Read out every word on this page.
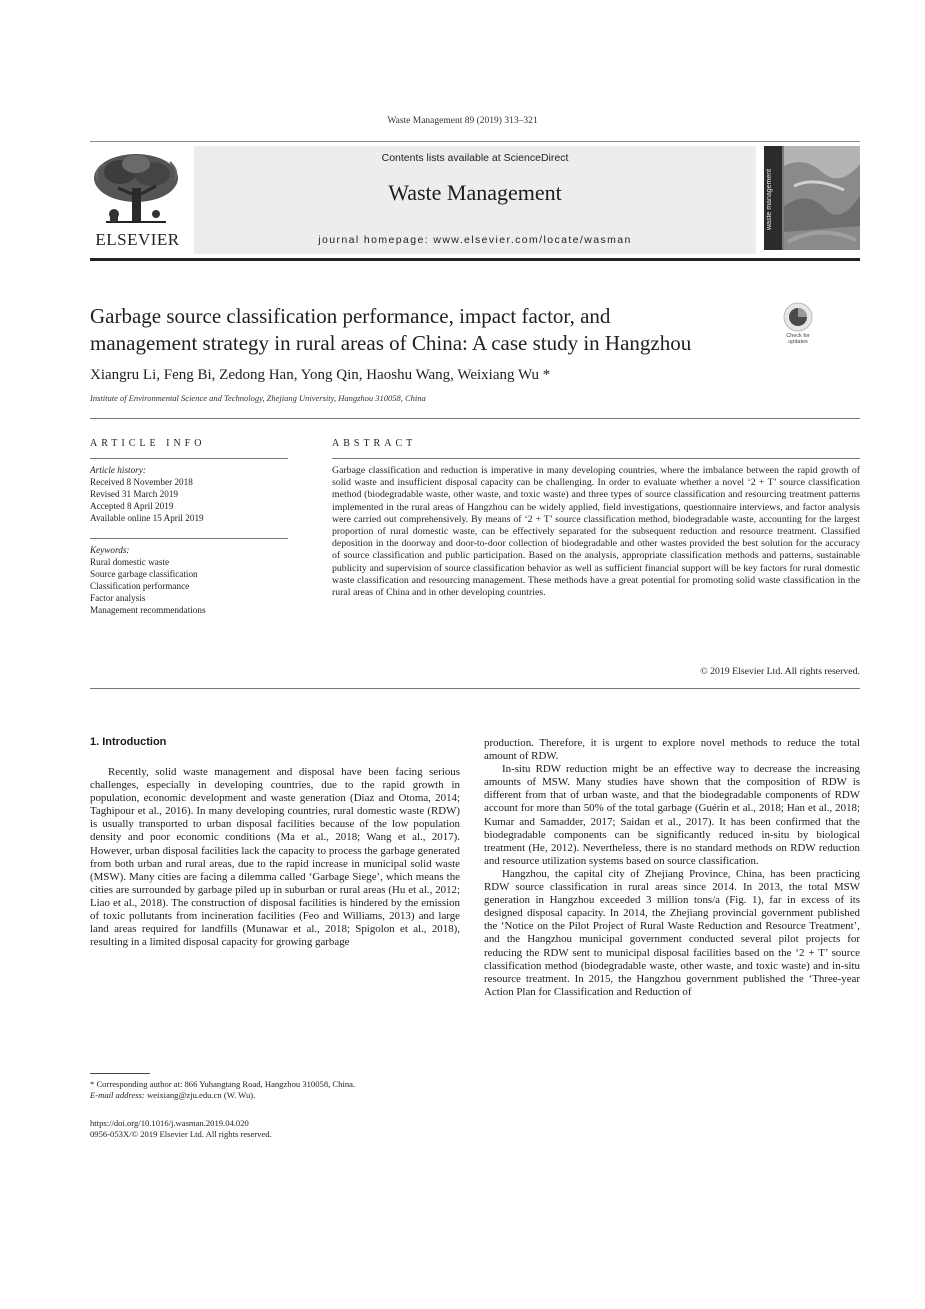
Waste Management 89 (2019) 313–321
ELSEVIER
Contents lists available at ScienceDirect
Waste Management
journal homepage: www.elsevier.com/locate/wasman
waste management
Garbage source classification performance, impact factor, and
management strategy in rural areas of China: A case study in Hangzhou	Check for
updates
Xiangru Li, Feng Bi, Zedong Han, Yong Qin, Haoshu Wang, Weixiang Wu *
Institute of Environmental Science and Technology, Zhejiang University, Hangzhou 310058, China
ARTICLE INFO
Article history:
Received 8 November 2018
Revised 31 March 2019
Accepted 8 April 2019
Available online 15 April 2019
Keywords:
Rural domestic waste
Source garbage classification
Classification performance
Factor analysis
Management recommendations
ABSTRACT
Garbage classification and reduction is imperative in many developing countries, where the imbalance between the rapid growth of solid waste and insufficient disposal capacity can be challenging. In order to evaluate whether a novel ‘2 + T’ source classification method (biodegradable waste, other waste, and toxic waste) and three types of source classification and resourcing treatment patterns implemented in the rural areas of Hangzhou can be widely applied, field investigations, questionnaire interviews, and factor analysis were carried out comprehensively. By means of ‘2 + T’ source classification method, biodegradable waste, accounting for the largest proportion of rural domestic waste, can be effectively separated for the subsequent reduction and resource treatment. Classified deposition in the doorway and door-to-door collection of biodegradable and other wastes provided the best solution for the accuracy of source classification and public participation. Based on the analysis, appropriate classification methods and patterns, sustainable publicity and supervision of source classification behavior as well as sufficient financial support will be key factors for rural domestic waste classification and resourcing management. These methods have a great potential for promoting solid waste classification in the rural areas of China and in other developing countries.
© 2019 Elsevier Ltd. All rights reserved.
1. Introduction

Recently, solid waste management and disposal have been facing serious challenges, especially in developing countries, due to the rapid growth in population, economic development and waste generation (Diaz and Otoma, 2014; Taghipour et al., 2016). In many developing countries, rural domestic waste (RDW) is usually transported to urban disposal facilities because of the low population density and poor economic conditions (Ma et al., 2018; Wang et al., 2017). However, urban disposal facilities lack the capacity to process the garbage generated from both urban and rural areas, due to the rapid increase in municipal solid waste (MSW). Many cities are facing a dilemma called ‘Garbage Siege’, which means the cities are surrounded by garbage piled up in suburban or rural areas (Hu et al., 2012; Liao et al., 2018). The construction of disposal facilities is hindered by the emission of toxic pollutants from incineration facilities (Feo and Williams, 2013) and large land areas required for landfills (Munawar et al., 2018; Spigolon et al., 2018), resulting in a limited disposal capacity for growing garbage

production. Therefore, it is urgent to explore novel methods to reduce the total amount of RDW.

In-situ RDW reduction might be an effective way to decrease the increasing amounts of MSW. Many studies have shown that the composition of RDW is different from that of urban waste, and that the biodegradable components of RDW account for more than 50% of the total garbage (Guérin et al., 2018; Han et al., 2018; Kumar and Samadder, 2017; Saidan et al., 2017). It has been confirmed that the biodegradable components can be significantly reduced in-situ by biological treatment (He, 2012). Nevertheless, there is no standard methods on RDW reduction and resource utilization systems based on source classification.

Hangzhou, the capital city of Zhejiang Province, China, has been practicing RDW source classification in rural areas since 2014. In 2013, the total MSW generation in Hangzhou exceeded 3 million tons/a (Fig. 1), far in excess of its designed disposal capacity. In 2014, the Zhejiang provincial government published the ‘Notice on the Pilot Project of Rural Waste Reduction and Resource Treatment’, and the Hangzhou municipal government conducted several pilot projects for reducing the RDW sent to municipal disposal facilities based on the ‘2 + T’ source classification method (biodegradable waste, other waste, and toxic waste) and in-situ resource treatment. In 2015, the Hangzhou government published the ‘Three-year Action Plan for Classification and Reduction of

* Corresponding author at: 866 Yuhangtang Road, Hangzhou 310058, China.
E-mail address: weixiang@zju.edu.cn (W. Wu).
https://doi.org/10.1016/j.wasman.2019.04.020
0956-053X/© 2019 Elsevier Ltd. All rights reserved.
